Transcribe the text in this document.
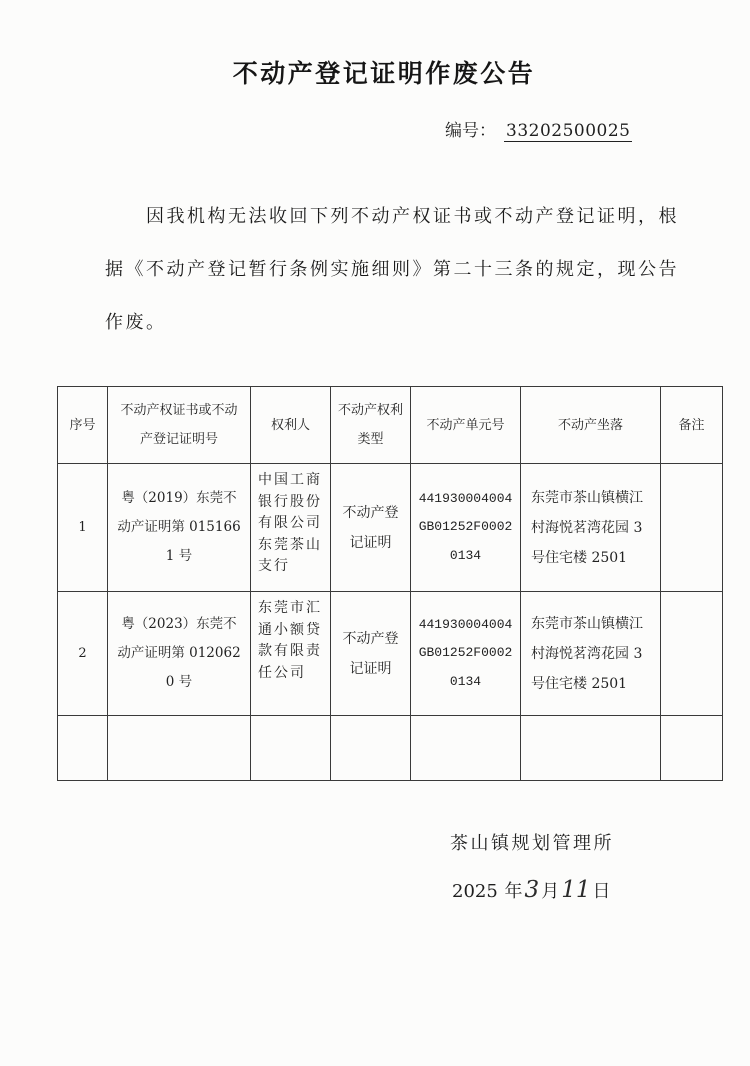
不动产登记证明作废公告
编号： 33202500025
因我机构无法收回下列不动产权证书或不动产登记证明，根据《不动产登记暂行条例实施细则》第二十三条的规定，现公告作废。
序号	不动产权证书或不动产登记证明号	权利人	不动产权利类型	不动产单元号	不动产坐落	备注
1	粤（2019）东莞不动产证明第 0151661 号	中国工商银行股份有限公司东莞茶山支行	不动产登记证明	441930004004GB01252F00020134	东莞市茶山镇横江村海悦茗湾花园 3 号住宅楼 2501	
2	粤（2023）东莞不动产证明第 0120620 号	东莞市汇通小额贷款有限责任公司	不动产登记证明	441930004004GB01252F00020134	东莞市茶山镇横江村海悦茗湾花园 3 号住宅楼 2501	

茶山镇规划管理所
2025 年3 月11 日
